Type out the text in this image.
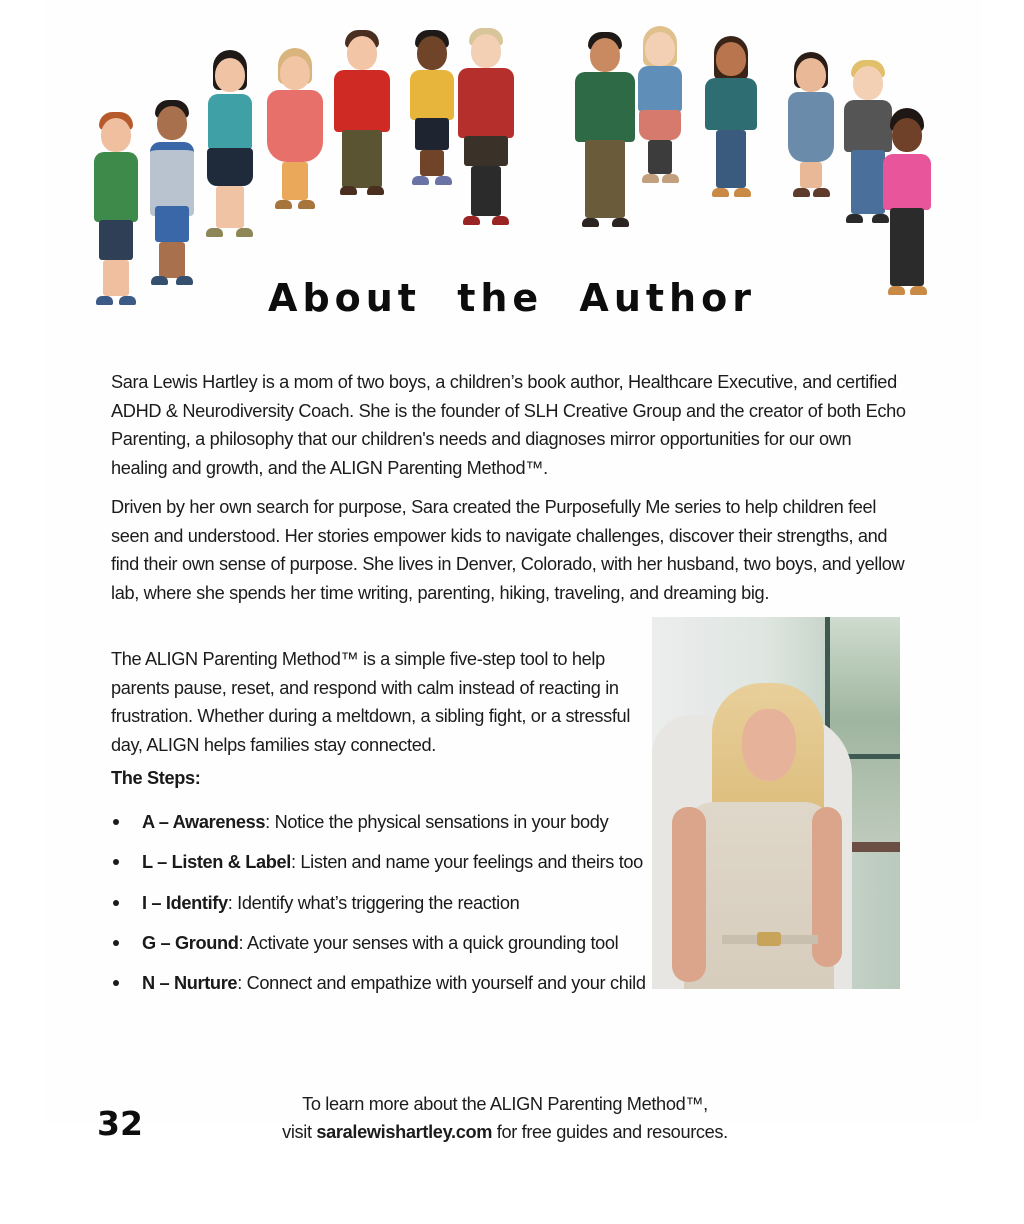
About the Author

Sara Lewis Hartley is a mom of two boys, a children’s book author, Healthcare Executive, and certified ADHD & Neurodiversity Coach. She is the founder of SLH Creative Group and the creator of both Echo Parenting, a philosophy that our children's needs and diagnoses mirror opportunities for our own healing and growth, and the ALIGN Parenting Method™.

Driven by her own search for purpose, Sara created the Purposefully Me series to help children feel seen and understood. Her stories empower kids to navigate challenges, discover their strengths, and find their own sense of purpose. She lives in Denver, Colorado, with her husband, two boys, and yellow lab, where she spends her time writing, parenting, hiking, traveling, and dreaming big.

The ALIGN Parenting Method™ is a simple five-step tool to help parents pause, reset, and respond with calm instead of reacting in frustration. Whether during a meltdown, a sibling fight, or a stressful day, ALIGN helps families stay connected.

The Steps:
A – Awareness: Notice the physical sensations in your body
L – Listen & Label: Listen and name your feelings and theirs too
I – Identify: Identify what’s triggering the reaction
G – Ground: Activate your senses with a quick grounding tool
N – Nurture: Connect and empathize with yourself and your child
32	To learn more about the ALIGN Parenting Method™,
visit saralewishartley.com for free guides and resources.
